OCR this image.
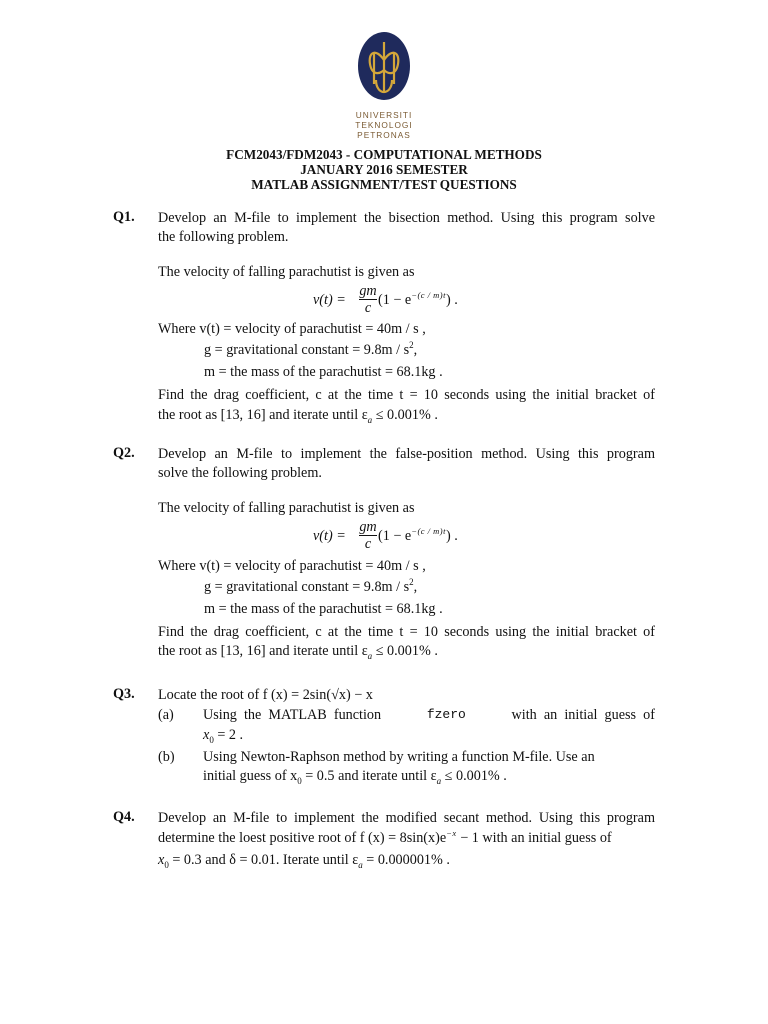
UNIVERSITI
TEKNOLOGI
PETRONAS
FCM2043/FDM2043 - COMPUTATIONAL METHODS
JANUARY 2016 SEMESTER
MATLAB ASSIGNMENT/TEST QUESTIONS
Q1. Develop an M-file to implement the bisection method. Using this program solve
the following problem.
The velocity of falling parachutist is given as
v(t) =
gm
c $(1 - e^{-(c / m)t})$ .
Where v(t) = velocity of parachutist = 40m / s ,
g = gravitational constant = $9.8m / s^2$,
m = the mass of the parachutist = 68.1kg .
Find the drag coefficient, c at the time t = 10 seconds using the initial bracket of
the root as [13, 16] and iterate until $\varepsilon_a \le 0.001\%$ .
Q2. Develop an M-file to implement the false-position method. Using this program
solve the following problem.
The velocity of falling parachutist is given as
v(t) =
gm
c $(1 - e^{-(c / m)t})$ .
Where v(t) = velocity of parachutist = 40m / s ,
g = gravitational constant = $9.8m / s^2$,
m = the mass of the parachutist = 68.1kg .
Find the drag coefficient, c at the time t = 10 seconds using the initial bracket of
the root as [13, 16] and iterate until $\varepsilon_a \le 0.001\%$ .
Q3. Locate the root of f (x) = 2sin(√x) − x
(a) Using  the  MATLAB  function	fzero	with  an  initial  guess  of
$x_0 = 2$ .
(b) Using Newton-Raphson method by writing a function M-file. Use an
initial guess of $x_0 = 0.5$ and iterate until $\varepsilon_a \le 0.001\%$ .
Q4. Develop an M-file to implement the modified secant method. Using this program
determine the loest positive root of f $(x) = 8\sin(x)e^{-x} - 1$ with an initial guess of
$x_0 = 0.3$ and δ = 0.01. Iterate until $\varepsilon_a = 0.000001\%$ .
